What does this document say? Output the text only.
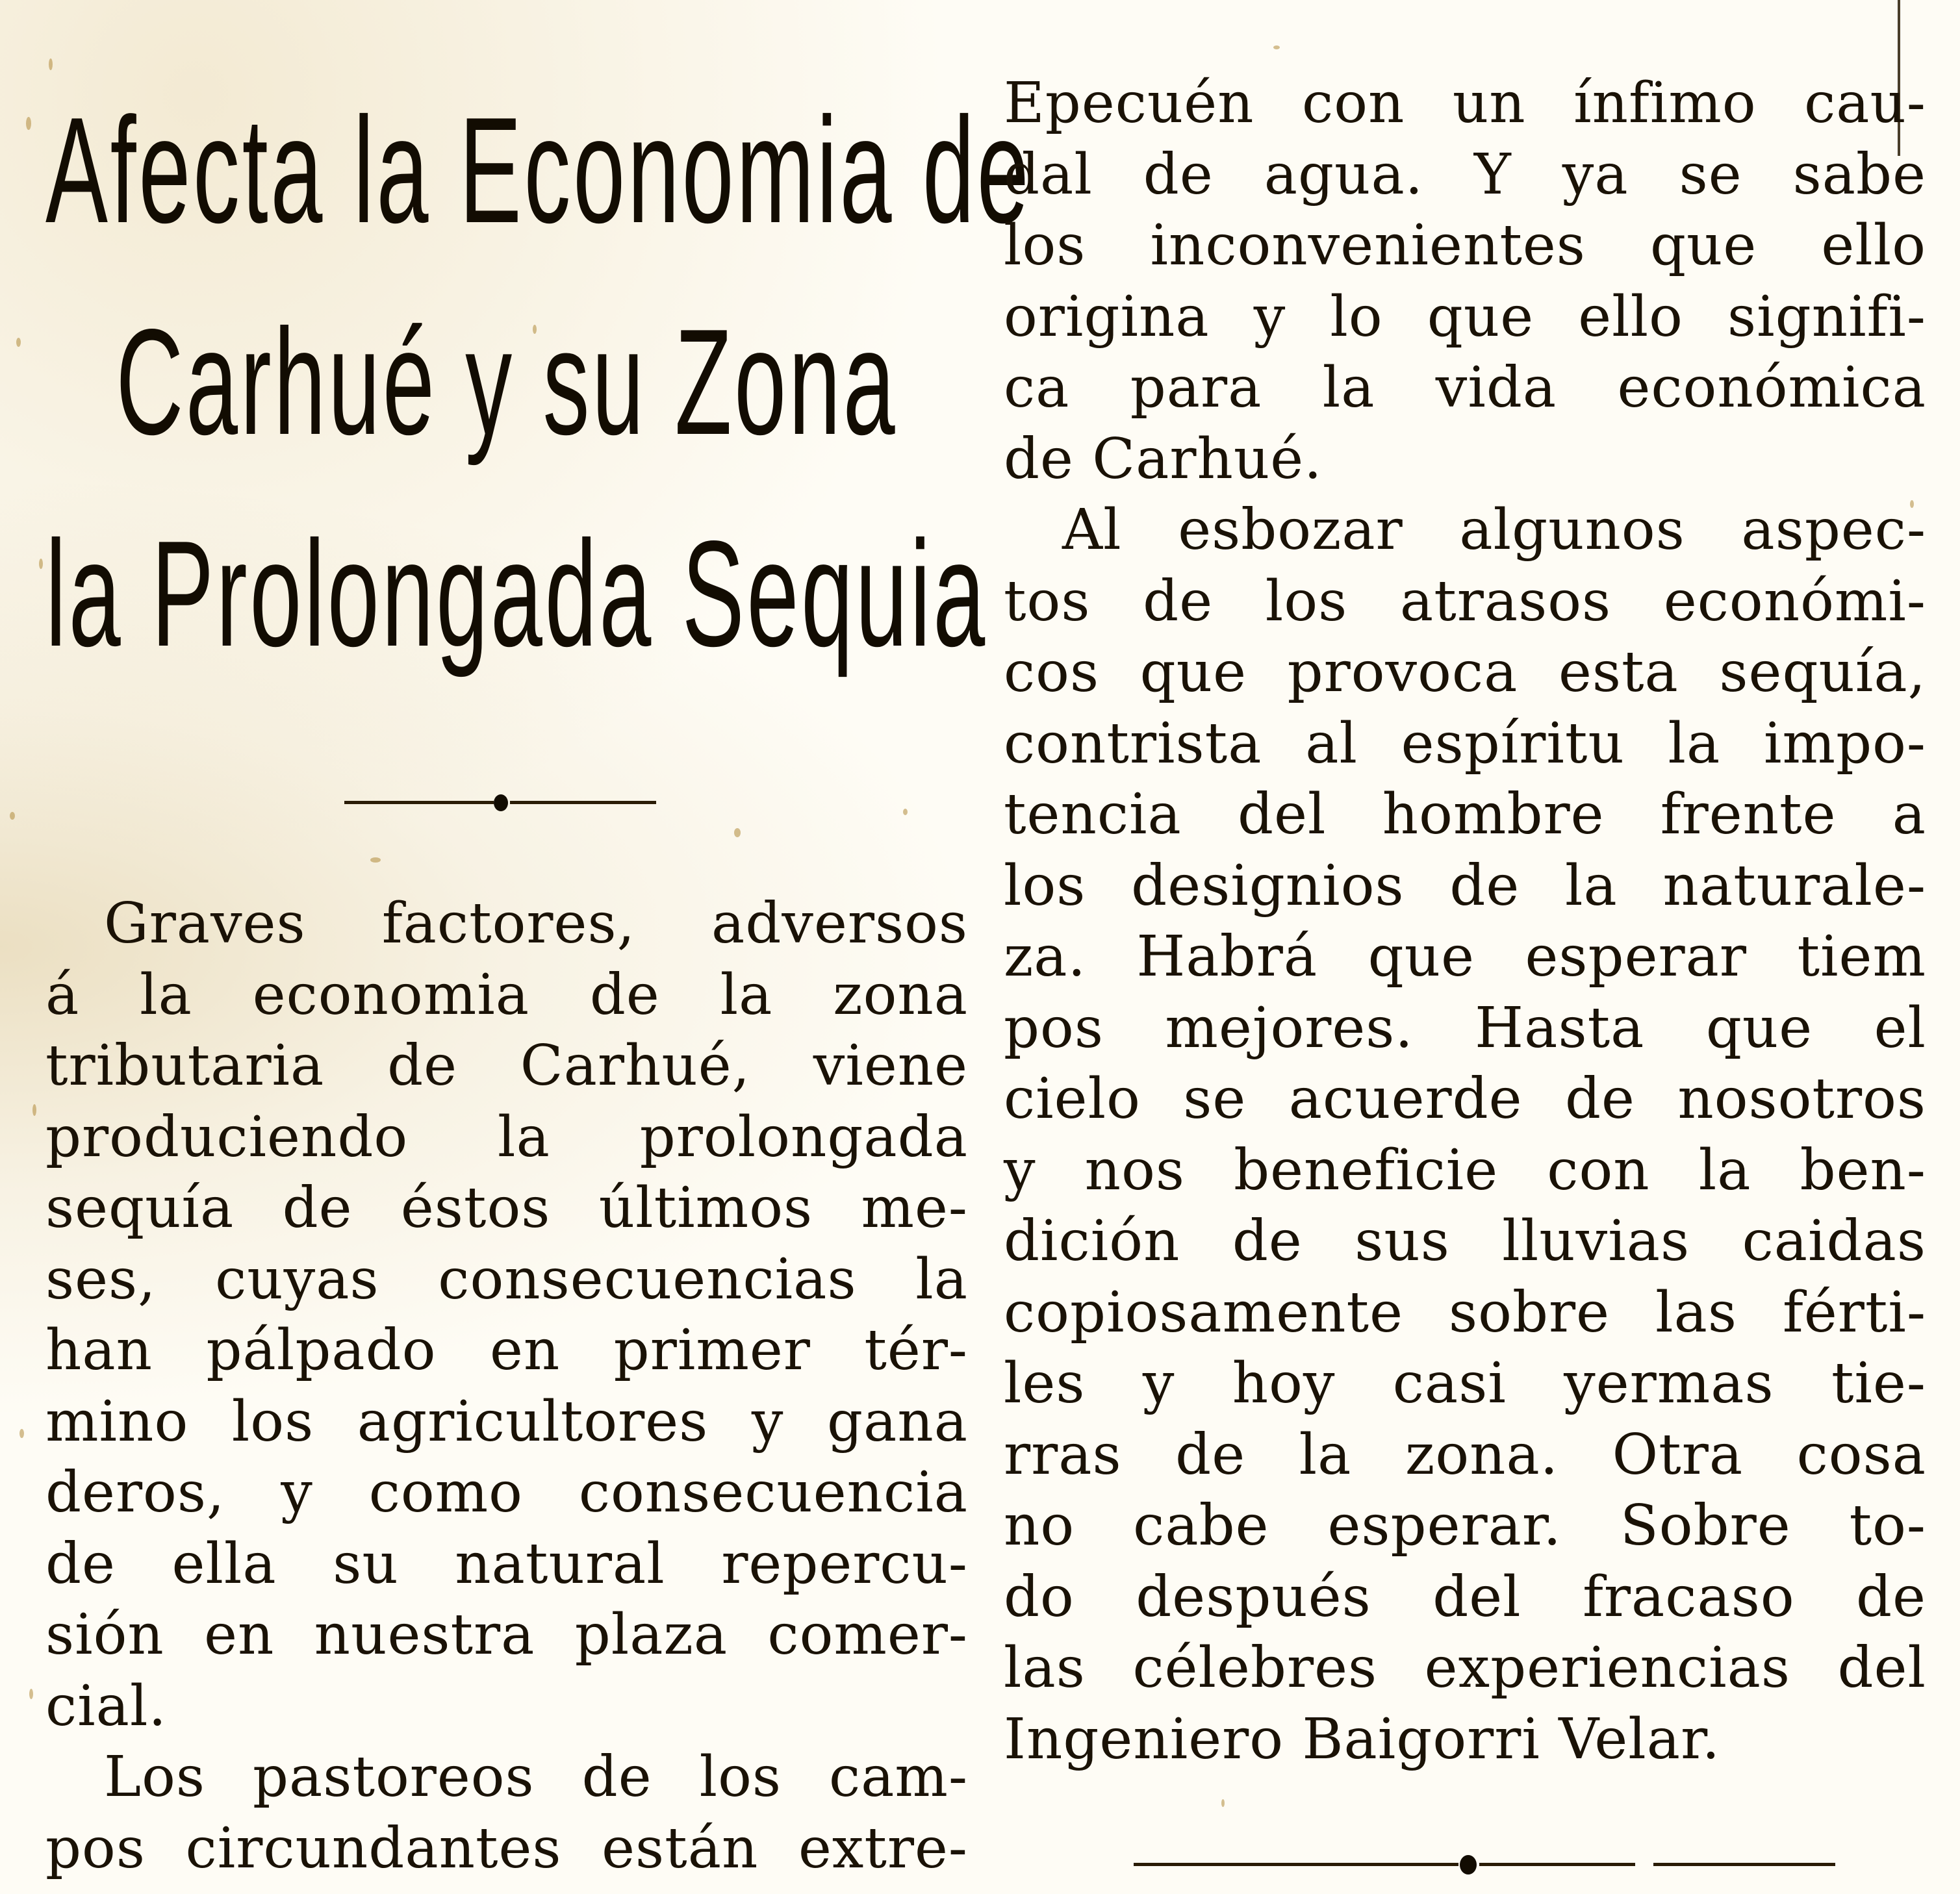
Afecta la Economia de
Carhué y su Zona
la Prolongada Sequia

Graves factores, adversos
á la economia de la zona
tributaria de Carhué, viene
produciendo la prolongada
sequía de éstos últimos me-
ses, cuyas consecuencias la
han pálpado en primer tér-
mino los agricultores y gana
deros, y como consecuencia
de ella su natural repercu-
sión en nuestra plaza comer-
cial.

Los pastoreos de los cam-
pos circundantes están extre-

Epecuén con un ínfimo cau-
dal de agua. Y ya se sabe
los inconvenientes que ello
origina y lo que ello signifi-
ca para la vida económica
de Carhué.

Al esbozar algunos aspec-
tos de los atrasos económi-
cos que provoca esta sequía,
contrista al espíritu la impo-
tencia del hombre frente a
los designios de la naturale-
za. Habrá que esperar tiem
pos mejores. Hasta que el
cielo se acuerde de nosotros
y nos beneficie con la ben-
dición de sus lluvias caidas
copiosamente sobre las férti-
les y hoy casi yermas tie-
rras de la zona. Otra cosa
no cabe esperar. Sobre to-
do después del fracaso de
las célebres experiencias del
Ingeniero Baigorri Velar.
